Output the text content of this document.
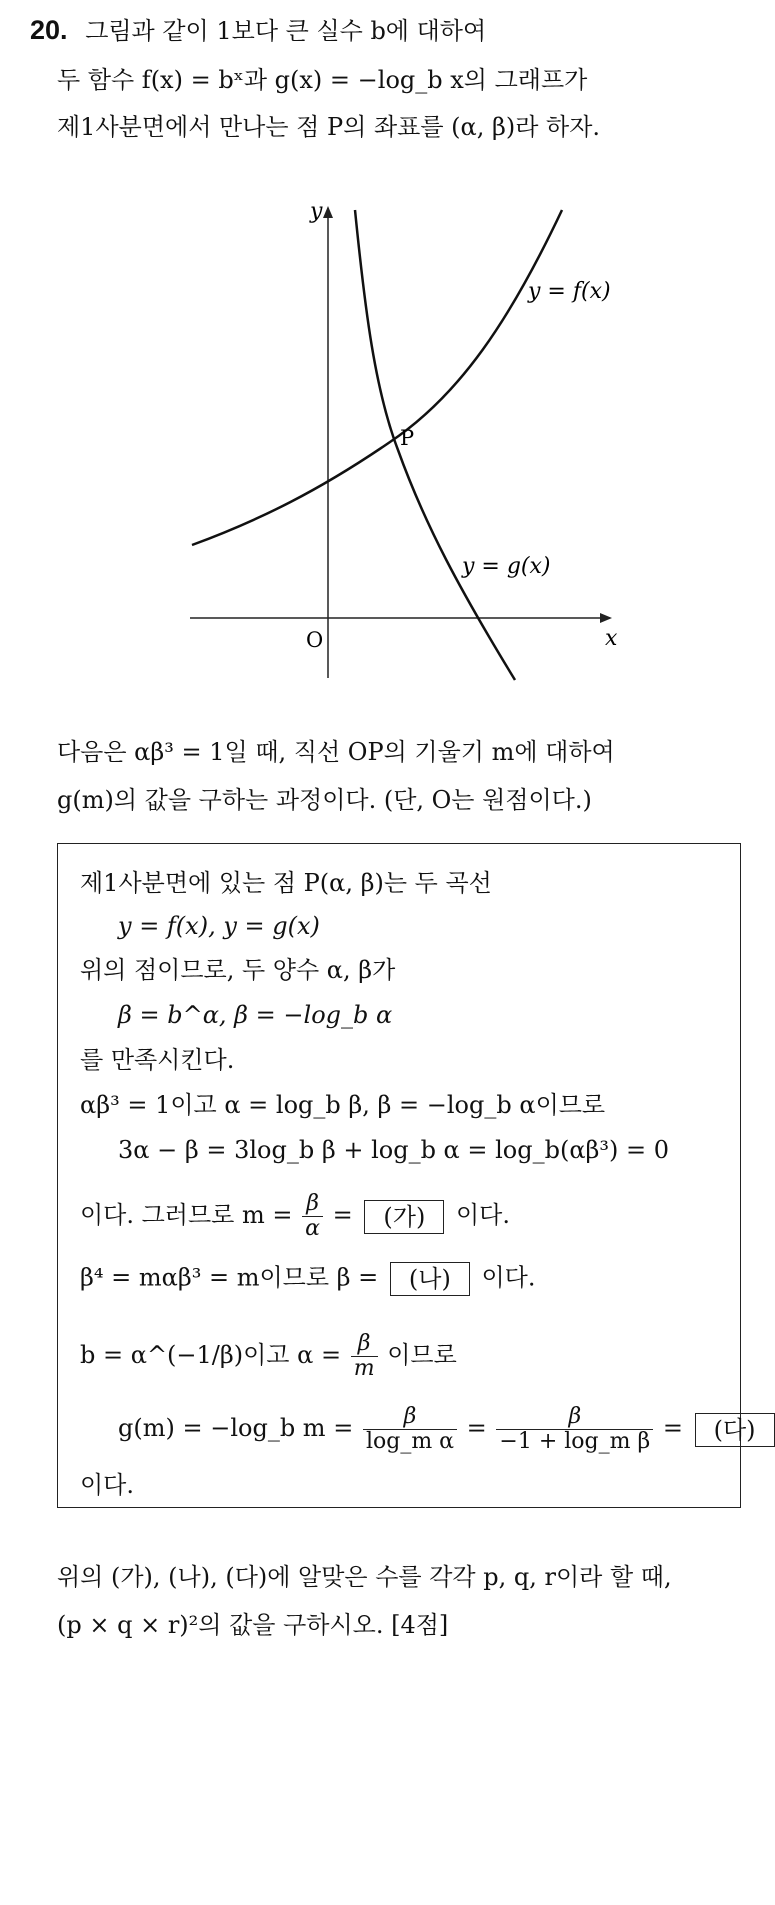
20. 그림과 같이 1보다 큰 실수 b에 대하여
두 함수 f(x) = bˣ과 g(x) = −log_b x의 그래프가
제1사분면에서 만나는 점 P의 좌표를 (α, β)라 하자.
y
x
O
P
y = f(x)
y = g(x)
다음은 αβ³ = 1일 때, 직선 OP의 기울기 m에 대하여
g(m)의 값을 구하는 과정이다. (단, O는 원점이다.)
제1사분면에 있는 점 P(α, β)는 두 곡선
y = f(x), y = g(x)
위의 점이므로, 두 양수 α, β가
β = b^α, β = −log_b α
를 만족시킨다.
αβ³ = 1이고 α = log_b β, β = −log_b α이므로
3α − β = 3log_b β + log_b α = log_b(αβ³) = 0
이다. 그러므로 $m = \frac{\beta}{\alpha}$ = (가) 이다.
β⁴ = mαβ³ = m이므로 β = (나) 이다.
b = α^(−1/β)이고 $\alpha = \frac{\beta}{m}$ 이므로
g(m) = −log_b $m = \frac{\beta}{\text{log\_m α}} = \frac{\beta}{\text{−1 + log\_m β}}$ = (다)
이다.
위의 (가), (나), (다)에 알맞은 수를 각각 p, q, r이라 할 때,
(p × q × r)²의 값을 구하시오. [4점]
